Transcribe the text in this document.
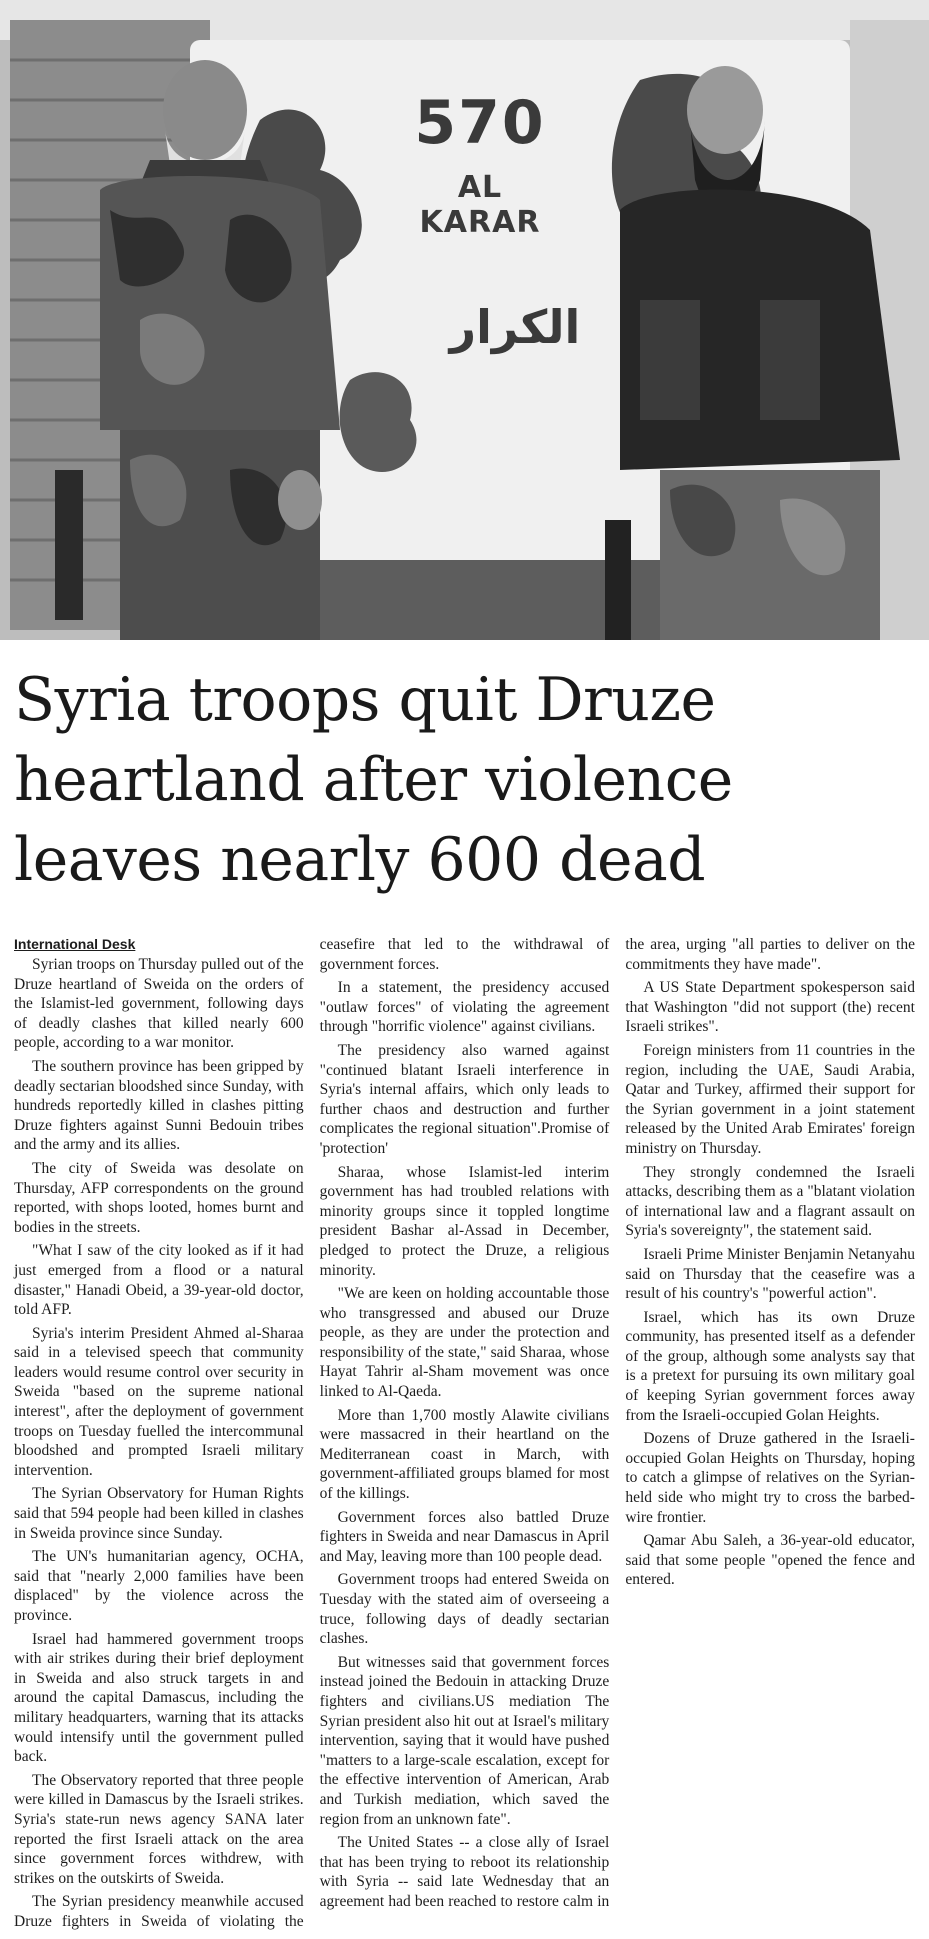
570
AL KARAR
الكرار
Syria troops quit Druze heartland after violence leaves nearly 600 dead
International Desk

Syrian troops on Thursday pulled out of the Druze heartland of Sweida on the orders of the Islamist-led government, following days of deadly clashes that killed nearly 600 people, according to a war monitor.

The southern province has been gripped by deadly sectarian bloodshed since Sunday, with hundreds reportedly killed in clashes pitting Druze fighters against Sunni Bedouin tribes and the army and its allies.

The city of Sweida was desolate on Thursday, AFP correspondents on the ground reported, with shops looted, homes burnt and bodies in the streets.

"What I saw of the city looked as if it had just emerged from a flood or a natural disaster," Hanadi Obeid, a 39-year-old doctor, told AFP.

Syria's interim President Ahmed al-Sharaa said in a televised speech that community leaders would resume control over security in Sweida "based on the supreme national interest", after the deployment of government troops on Tuesday fuelled the intercommunal bloodshed and prompted Israeli military intervention.

The Syrian Observatory for Human Rights said that 594 people had been killed in clashes in Sweida province since Sunday.

The UN's humanitarian agency, OCHA, said that "nearly 2,000 families have been displaced" by the violence across the province.

Israel had hammered government troops with air strikes during their brief deployment in Sweida and also struck targets in and around the capital Damascus, including the military headquarters, warning that its attacks would intensify until the government pulled back.

The Observatory reported that three people were killed in Damascus by the Israeli strikes. Syria's state-run news agency SANA later reported the first Israeli attack on the area since government forces withdrew, with strikes on the outskirts of Sweida.

The Syrian presidency meanwhile accused Druze fighters in Sweida of violating the ceasefire that led to the withdrawal of government forces.

In a statement, the presidency accused "outlaw forces" of violating the agreement through "horrific violence" against civilians.

The presidency also warned against "continued blatant Israeli interference in Syria's internal affairs, which only leads to further chaos and destruction and further complicates the regional situation".Promise of 'protection'

Sharaa, whose Islamist-led interim government has had troubled relations with minority groups since it toppled longtime president Bashar al-Assad in December, pledged to protect the Druze, a religious minority.

"We are keen on holding accountable those who transgressed and abused our Druze people, as they are under the protection and responsibility of the state," said Sharaa, whose Hayat Tahrir al-Sham movement was once linked to Al-Qaeda.

More than 1,700 mostly Alawite civilians were massacred in their heartland on the Mediterranean coast in March, with government-affiliated groups blamed for most of the killings.

Government forces also battled Druze fighters in Sweida and near Damascus in April and May, leaving more than 100 people dead.

Government troops had entered Sweida on Tuesday with the stated aim of overseeing a truce, following days of deadly sectarian clashes.

But witnesses said that government forces instead joined the Bedouin in attacking Druze fighters and civilians.US mediation The Syrian president also hit out at Israel's military intervention, saying that it would have pushed "matters to a large-scale escalation, except for the effective intervention of American, Arab and Turkish mediation, which saved the region from an unknown fate".

The United States -- a close ally of Israel that has been trying to reboot its relationship with Syria -- said late Wednesday that an agreement had been reached to restore calm in the area, urging "all parties to deliver on the commitments they have made".

A US State Department spokesperson said that Washington "did not support (the) recent Israeli strikes".

Foreign ministers from 11 countries in the region, including the UAE, Saudi Arabia, Qatar and Turkey, affirmed their support for the Syrian government in a joint statement released by the United Arab Emirates' foreign ministry on Thursday.

They strongly condemned the Israeli attacks, describing them as a "blatant violation of international law and a flagrant assault on Syria's sovereignty", the statement said.

Israeli Prime Minister Benjamin Netanyahu said on Thursday that the ceasefire was a result of his country's "powerful action".

Israel, which has its own Druze community, has presented itself as a defender of the group, although some analysts say that is a pretext for pursuing its own military goal of keeping Syrian government forces away from the Israeli-occupied Golan Heights.

Dozens of Druze gathered in the Israeli-occupied Golan Heights on Thursday, hoping to catch a glimpse of relatives on the Syrian-held side who might try to cross the barbed-wire frontier.

Qamar Abu Saleh, a 36-year-old educator, said that some people "opened the fence and entered.
